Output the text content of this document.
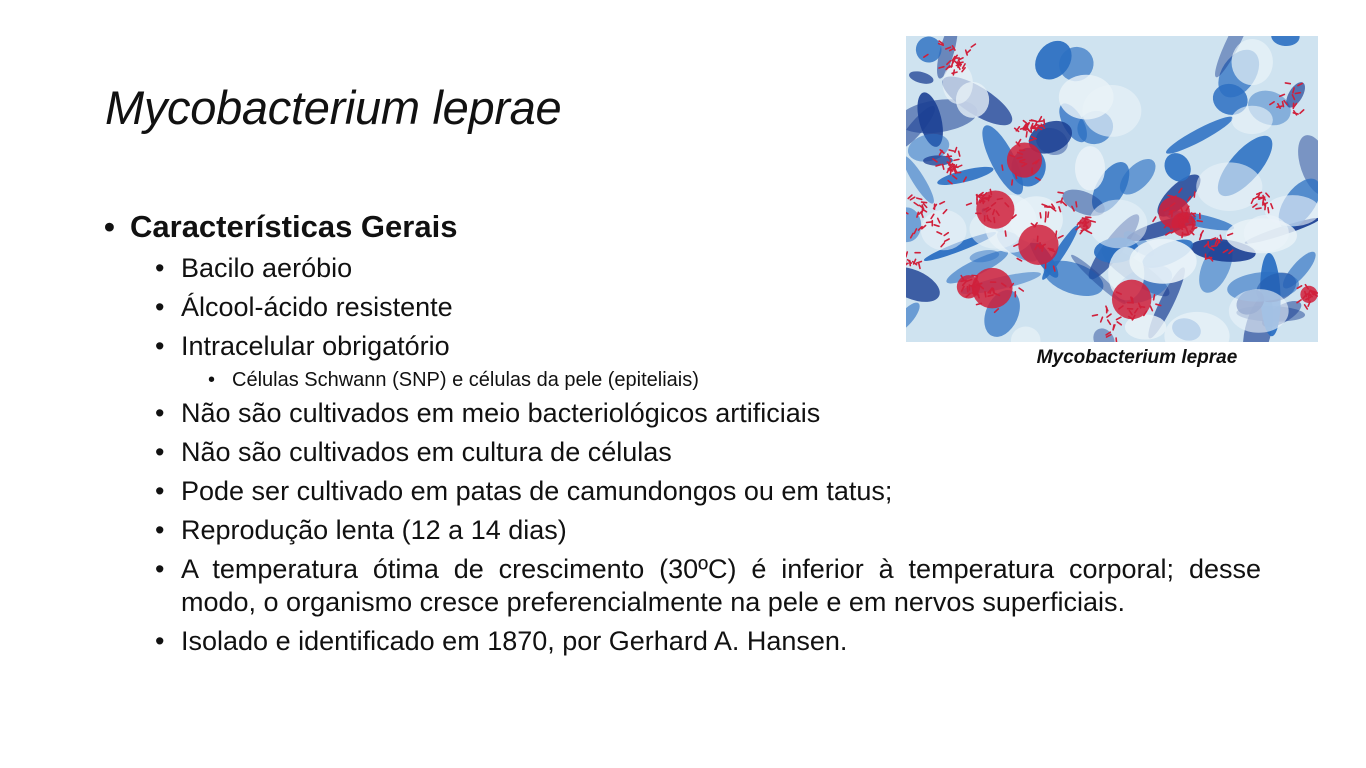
Mycobacterium leprae
• Características Gerais
• Bacilo aeróbio
• Álcool-ácido resistente
• Intracelular obrigatório
• Células Schwann (SNP) e células da pele (epiteliais)
• Não são cultivados em meio bacteriológicos artificiais
• Não são cultivados em cultura de células
• Pode ser cultivado em patas de camundongos ou em tatus;
• Reprodução lenta (12 a 14 dias)
• A temperatura ótima de crescimento (30ºC) é inferior à temperatura corporal; desse modo, o organismo cresce preferencialmente na pele e em nervos superficiais.
• Isolado e identificado em 1870, por Gerhard A. Hansen.
Mycobacterium leprae
